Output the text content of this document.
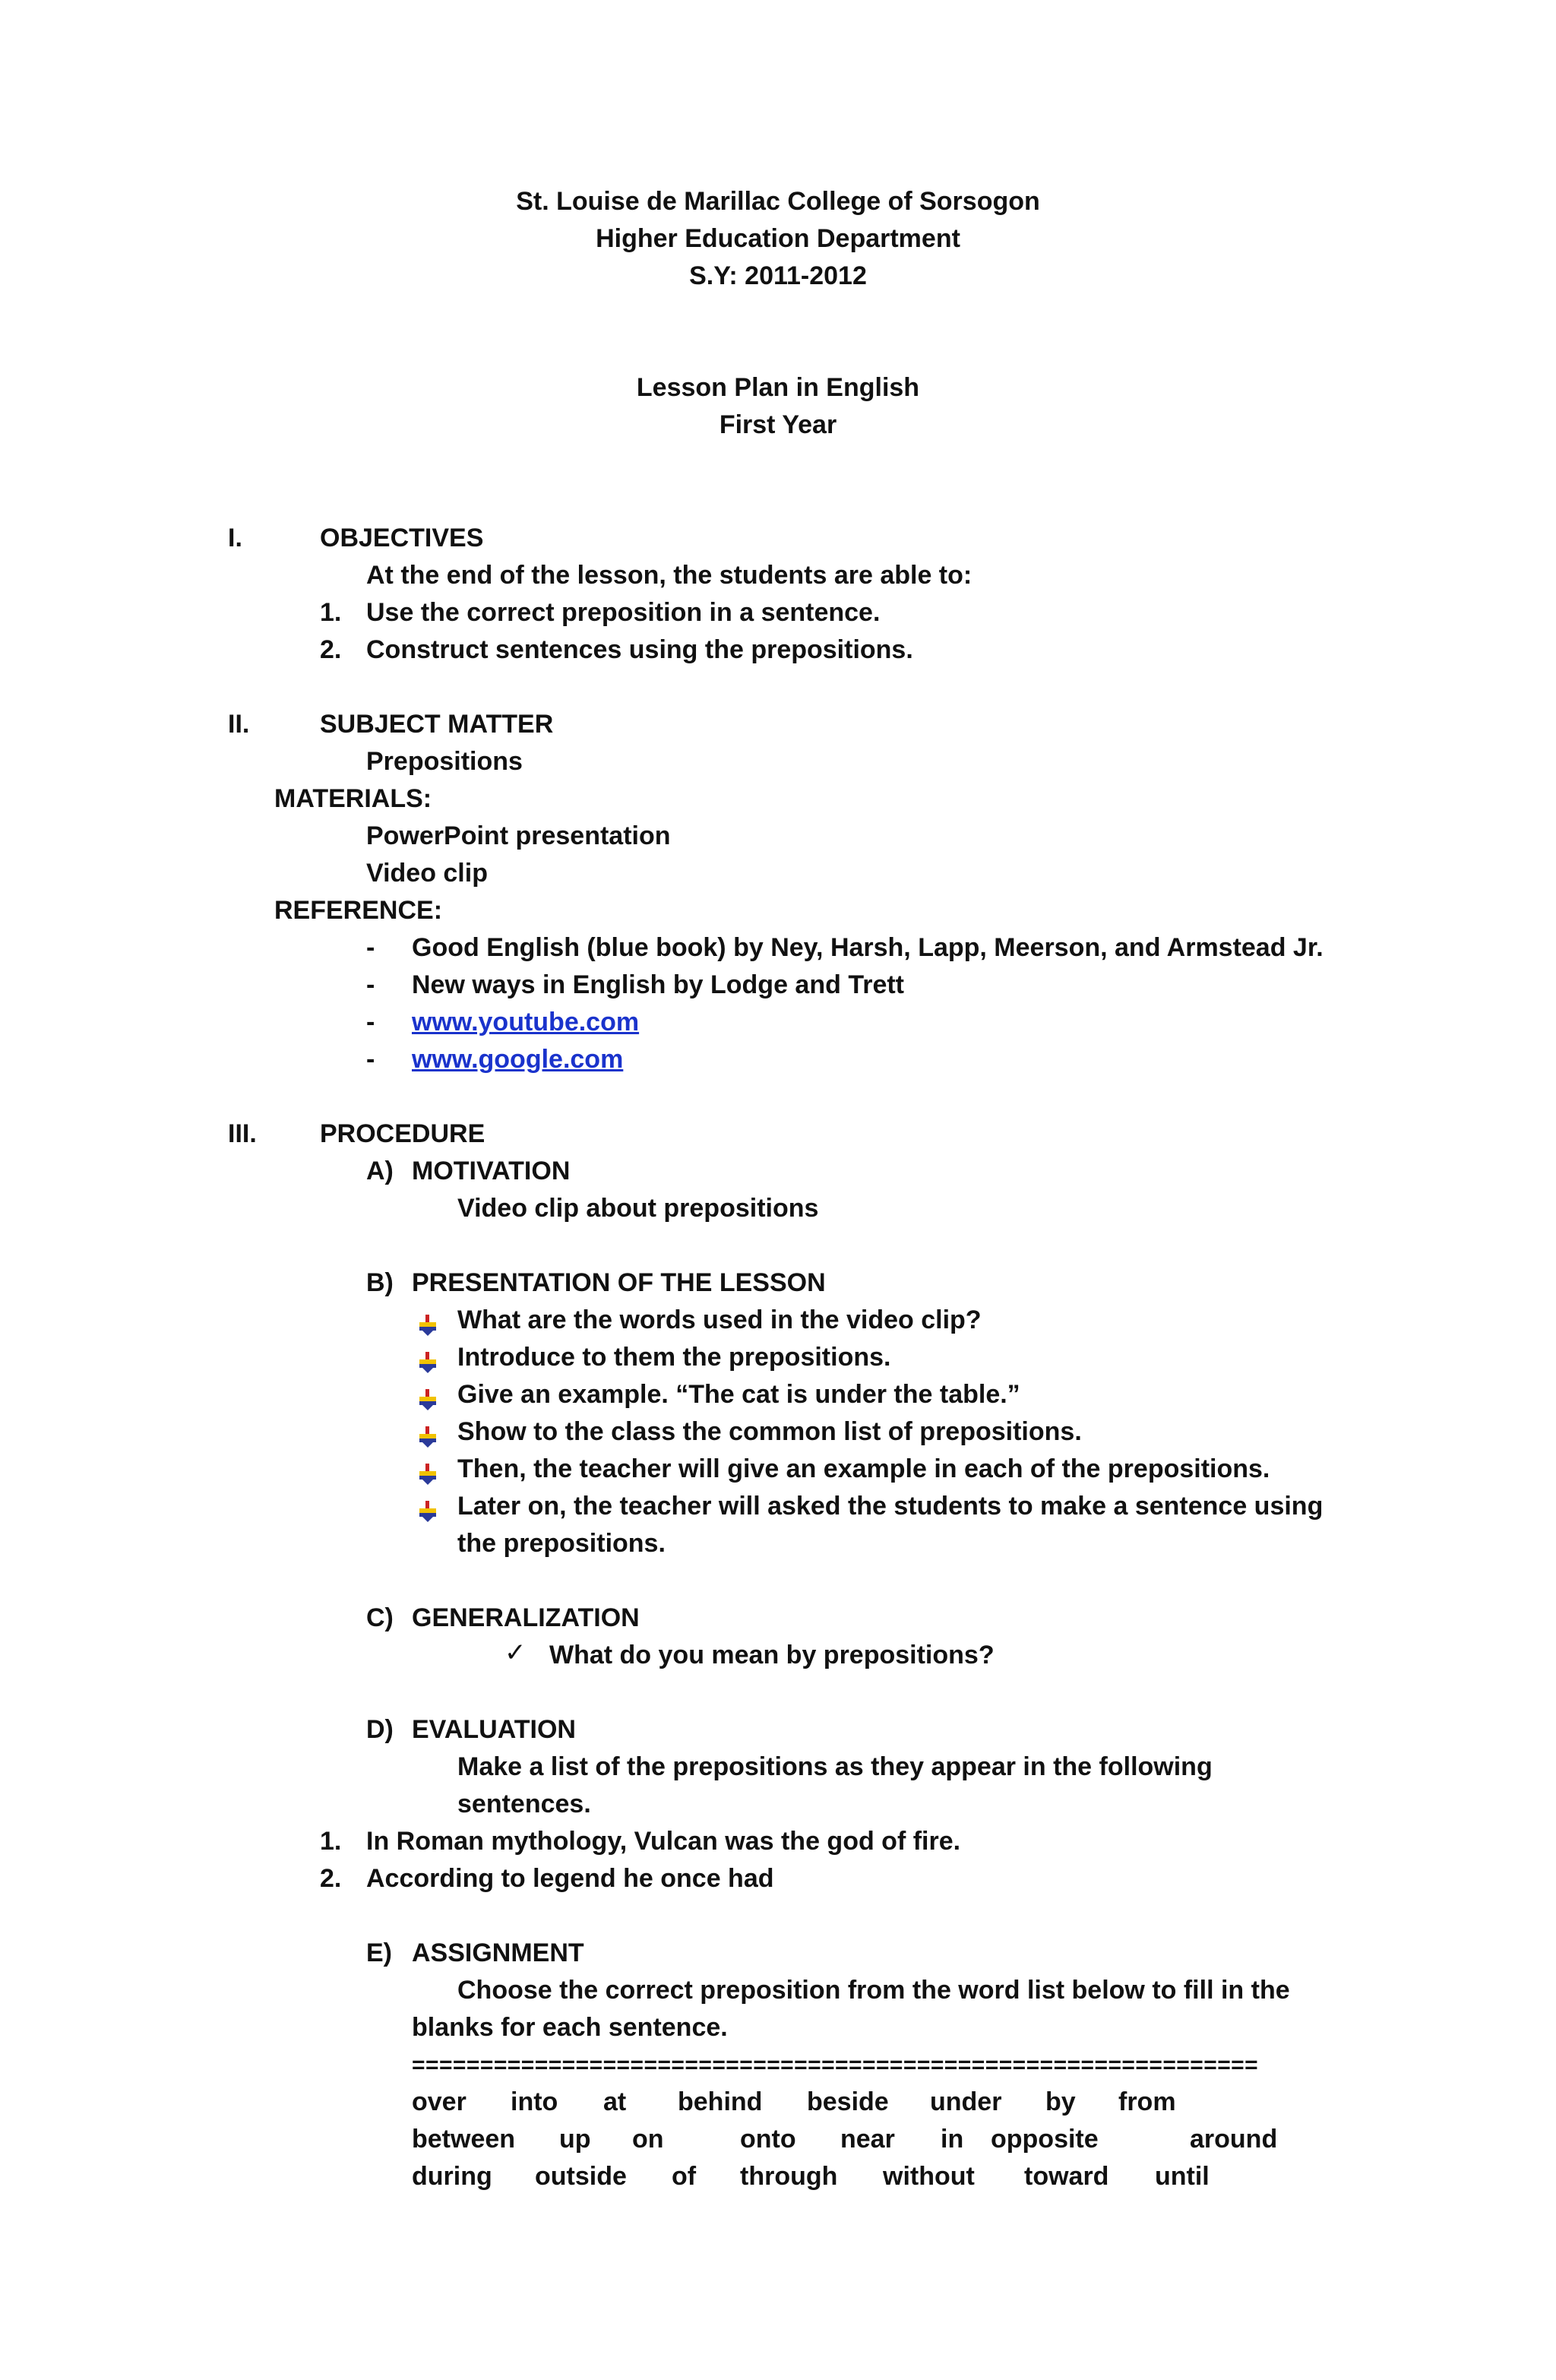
St. Louise de Marillac College of Sorsogon
Higher Education Department
S.Y: 2011-2012
Lesson Plan in English
First Year
I.	OBJECTIVES
At the end of the lesson, the students are able to:
1. Use the correct preposition in a sentence.
2. Construct sentences using the prepositions.
II.	SUBJECT MATTER
Prepositions
MATERIALS:
PowerPoint presentation
Video clip
REFERENCE:
- Good English (blue book) by Ney, Harsh, Lapp, Meerson, and Armstead Jr.
- New ways in English by Lodge and Trett
- www.youtube.com
- www.google.com
III. PROCEDURE
A) MOTIVATION
Video clip about prepositions
B) PRESENTATION OF THE LESSON
What are the words used in the video clip?
Introduce to them the prepositions.
Give an example. “The cat is under the table.”
Show to the class the common list of prepositions.
Then, the teacher will give an example in each of the prepositions.
Later on, the teacher will asked the students to make a sentence using
the prepositions.
C) GENERALIZATION
✓ What do you mean by prepositions?
D) EVALUATION
Make a list of the prepositions as they appear in the following
sentences.
1. In Roman mythology, Vulcan was the god of fire.
2. According to legend he once had
E) ASSIGNMENT
Choose the correct preposition from the word list below to fill in the
blanks for each sentence.
==============================================================
over into at behind beside under by from
between up on	onto near in opposite	around
during outside of through without toward until
